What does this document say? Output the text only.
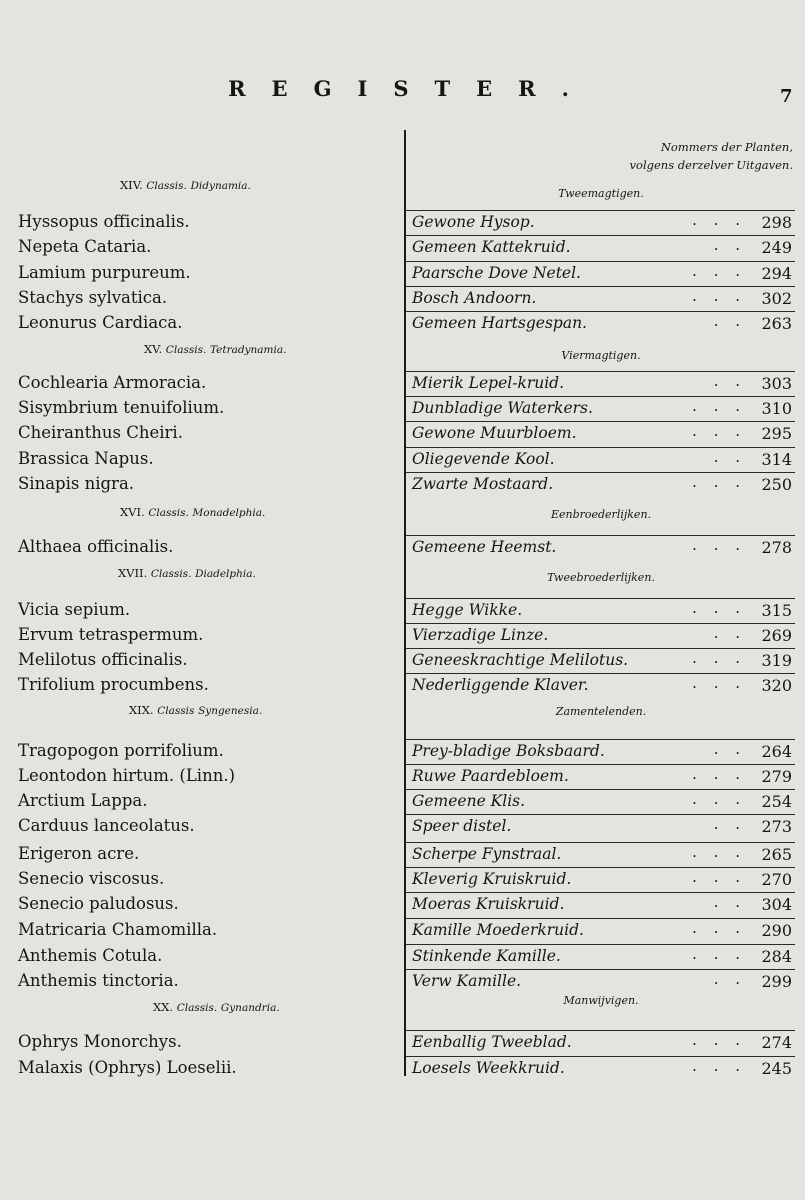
REGISTER.	7
Nommers der Planten,
volgens derzelver Uitgaven.
XIV. Classis. Didynamia.
Tweemagtigen.
Hyssopus officinalis.	Gewone Hysop.	· · · 298
Nepeta Cataria.	Gemeen Kattekruid.	· · 249
Lamium purpureum.	Paarsche Dove Netel.	· · · 294
Stachys sylvatica.	Bosch Andoorn.	· · · 302
Leonurus Cardiaca.	Gemeen Hartsgespan.	· · 263
XV. Classis. Tetradynamia.	Viermagtigen.
Cochlearia Armoracia.	Mierik Lepel-kruid.	· · 303
Sisymbrium tenuifolium.	Dunbladige Waterkers.	· · · 310
Cheiranthus Cheiri.	Gewone Muurbloem.	· · · 295
Brassica Napus.	Oliegevende Kool.	· · 314
Sinapis nigra.	Zwarte Mostaard.	· · · 250
XVI. Classis. Monadelphia.	Eenbroederlijken.
Althaea officinalis.	Gemeene Heemst.	· · · 278
XVII. Classis. Diadelphia.	Tweebroederlijken.
Vicia sepium.	Hegge Wikke.	· · · 315
Ervum tetraspermum.	Vierzadige Linze.	· · 269
Melilotus officinalis.	Geneeskrachtige Melilotus.	· · · 319
Trifolium procumbens.	Nederliggende Klaver.	· · · 320
XIX. Classis Syngenesia.	Zamentelenden.
Tragopogon porrifolium.	Prey-bladige Boksbaard.	· · 264
Leontodon hirtum. (Linn.)	Ruwe Paardebloem.	· · · 279
Arctium Lappa.	Gemeene Klis.	· · · 254
Carduus lanceolatus.	Speer distel.	· · 273
Erigeron acre.	Scherpe Fynstraal.	· · · 265
Senecio viscosus.	Kleverig Kruiskruid.	· · · 270
Senecio paludosus.	Moeras Kruiskruid.	· · 304
Matricaria Chamomilla.	Kamille Moederkruid.	· · · 290
Anthemis Cotula.	Stinkende Kamille.	· · · 284
Anthemis tinctoria.	Verw Kamille.	· · 299
XX. Classis. Gynandria.
Manwijvigen.
Ophrys Monorchys.	Eenballig Tweeblad.	· · · 274
Malaxis (Ophrys) Loeselii.	Loesels Weekkruid.	· · · 245
